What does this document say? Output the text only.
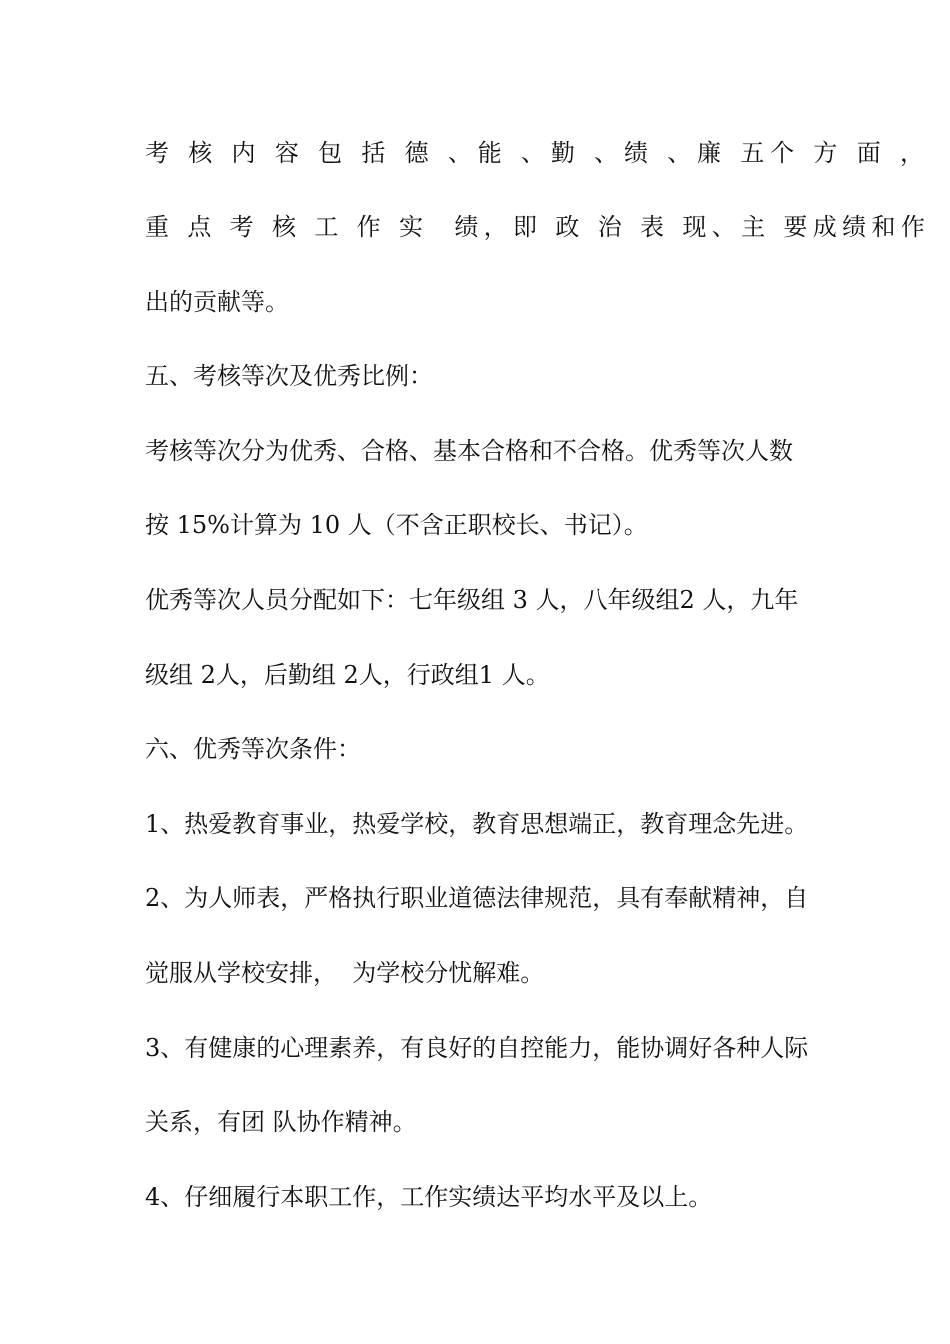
考 核 内 容 包 括 德 、能 、勤 、绩 、廉 五个 方 面 ，
重 点 考 核 工 作 实  绩，即 政 治 表 现、主 要成绩和作
出的贡献等。
五、考核等次及优秀比例：
考核等次分为优秀、合格、基本合格和不合格。优秀等次人数
按 15%计算为 10 人（不含正职校长、书记）。
优秀等次人员分配如下：七年级组 3 人，八年级组2 人，九年
级组 2人，后勤组 2人，行政组1 人。
六、优秀等次条件：
1、热爱教育事业，热爱学校，教育思想端正，教育理念先进。
2、为人师表，严格执行职业道德法律规范，具有奉献精神，自
觉服从学校安排，  为学校分忧解难。
3、有健康的心理素养，有良好的自控能力，能协调好各种人际
关系，有团 队协作精神。
4、仔细履行本职工作，工作实绩达平均水平及以上。
